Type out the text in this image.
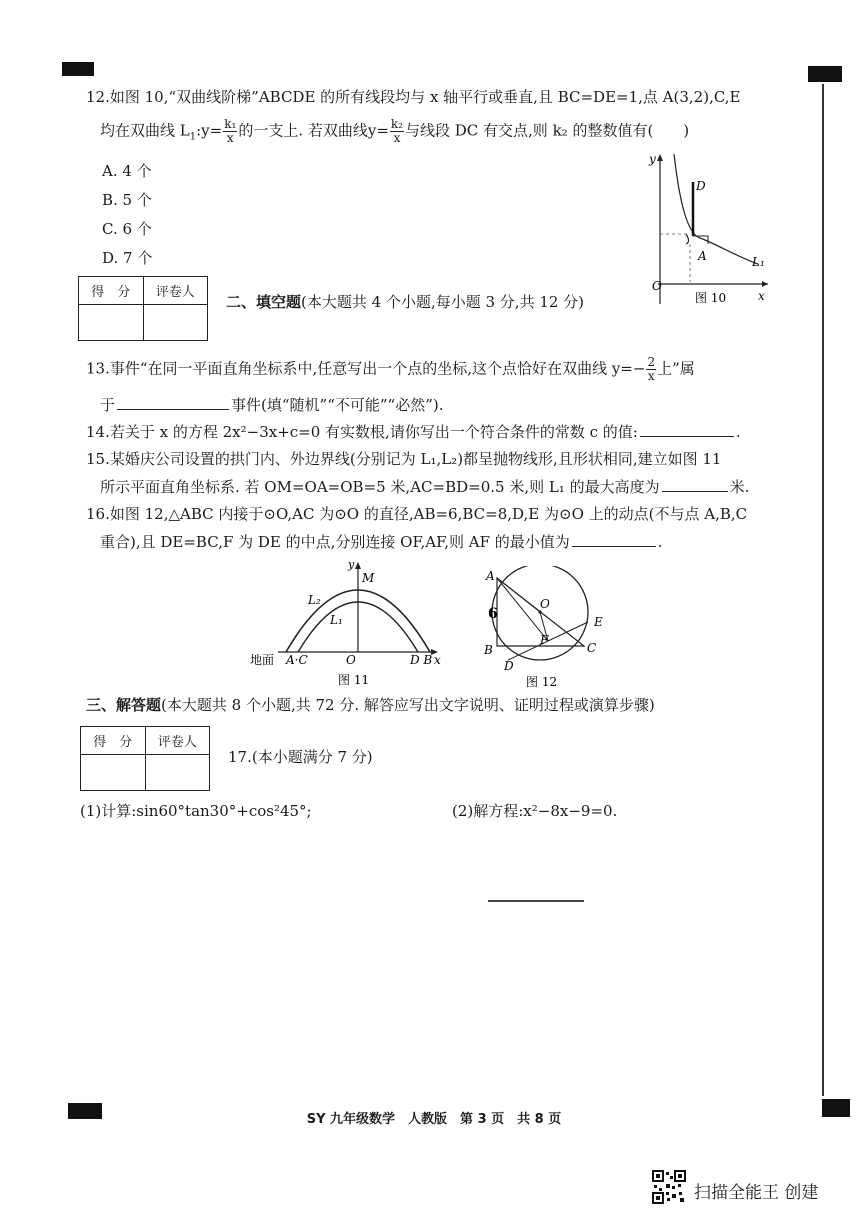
12.如图 10,“双曲线阶梯”ABCDE 的所有线段均与 x 轴平行或垂直,且 BC=DE=1,点 A(3,2),C,E
均在双曲线 $L_1:y= \frac{\text{k₁}}{x}$ 的一支上. 若双曲线$y= \frac{\text{k₂}}{x}$ 与线段 DC 有交点,则 k₂ 的整数值有(　　)
A. 4 个
B. 5 个
C. 6 个
D. 7 个
y
x
O
D
A	L₁
图 10
得　分	评卷人

二、填空题(本大题共 4 个小题,每小题 3 分,共 12 分)
13.事件“在同一平面直角坐标系中,任意写出一个点的坐标,这个点恰好在双曲线 $y=- \frac{2}{x}$ 上”属
于	事件(填“随机”“不可能”“必然”).
14.若关于 x 的方程 2x²−3x+c=0 有实数根,请你写出一个符合条件的常数 c 的值:	.
15.某婚庆公司设置的拱门内、外边界线(分别记为 L₁,L₂)都呈抛物线形,且形状相同,建立如图 11
所示平面直角坐标系. 若 OM=OA=OB=5 米,AC=BD=0.5 米,则 L₁ 的最大高度为	米.
16.如图 12,△ABC 内接于⊙O,AC 为⊙O 的直径,AB=6,BC=8,D,E 为⊙O 上的动点(不与点 A,B,C
重合),且 DE=BC,F 为 DE 的中点,分别连接 OF,AF,则 AF 的最小值为	.
y
M
L₂
L₁
地面 A·C	O	D B x
图 11
A
O
6	E
F
B	C
D
图 12
三、解答题(本大题共 8 个小题,共 72 分. 解答应写出文字说明、证明过程或演算步骤)
得　分	评卷人

17.(本小题满分 7 分)
(1)计算:sin60°tan30°+cos²45°;	(2)解方程:x²−8x−9=0.
SY 九年级数学　人教版　第 3 页　共 8 页
扫描全能王 创建
